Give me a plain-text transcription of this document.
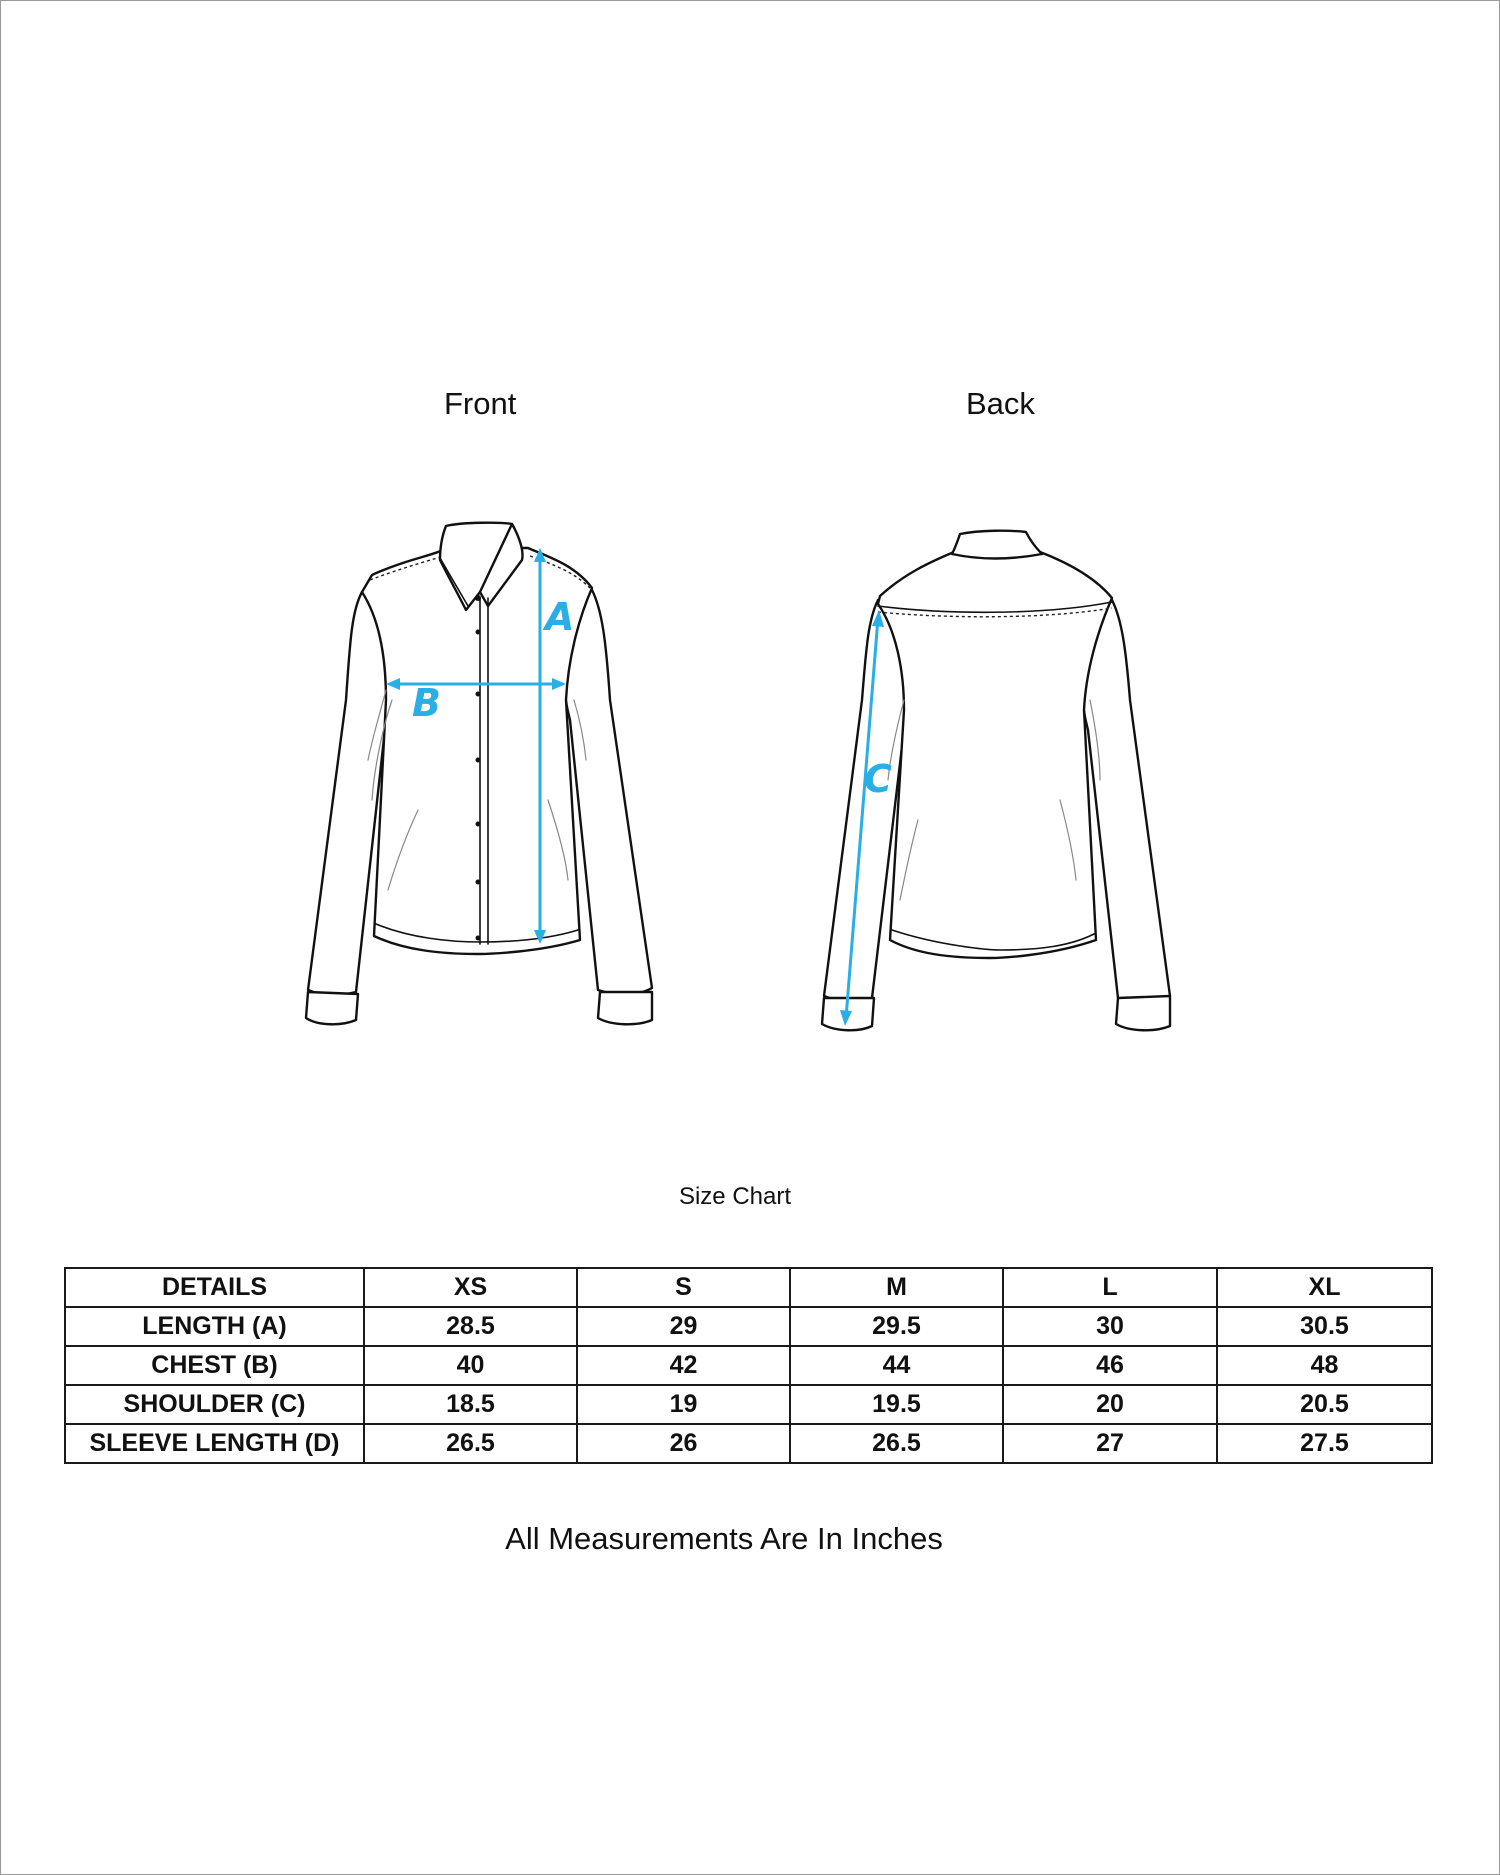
Front	Back
A
B
C
Size Chart
DETAILS	XS	S	M	L	XL
LENGTH (A)	28.5	29	29.5	30	30.5
CHEST (B)	40	42	44	46	48
SHOULDER (C)	18.5	19	19.5	20	20.5
SLEEVE LENGTH (D)	26.5	26	26.5	27	27.5
All Measurements Are In Inches
